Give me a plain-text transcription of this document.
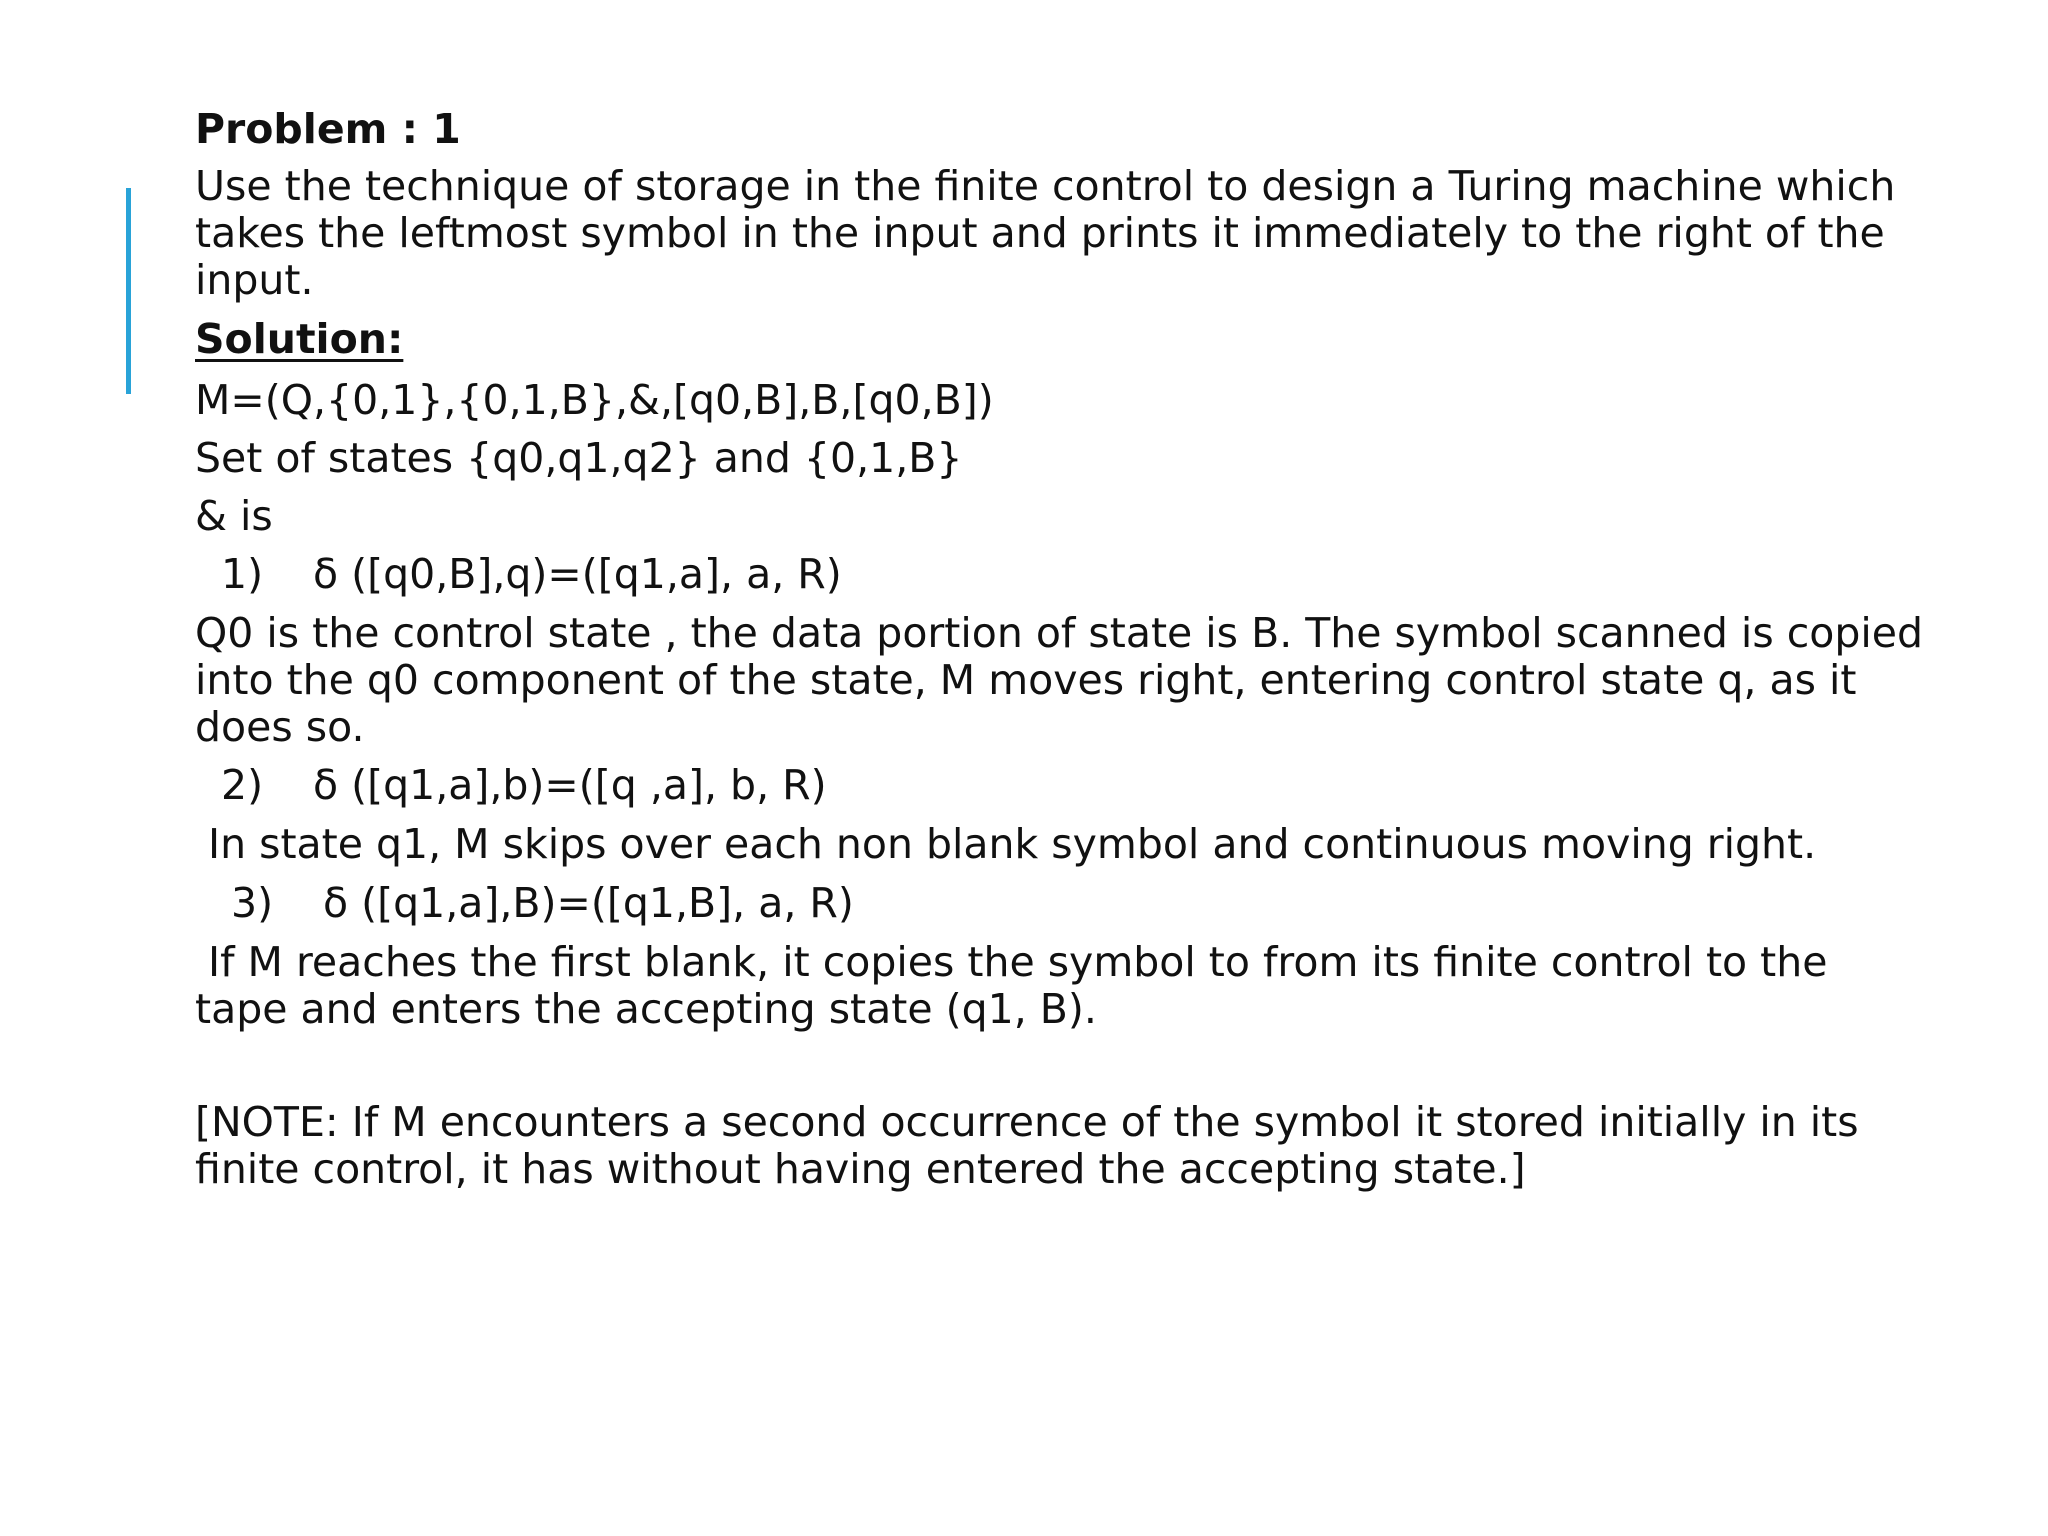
Problem : 1

Use the technique of storage in the finite control to design a Turing machine which

takes the leftmost symbol in the input and prints it immediately to the right of the

input.

Solution:

M=(Q,{0,1},{0,1,B},&,[q0,B],B,[q0,B])

Set of states {q0,q1,q2} and {0,1,B}

& is

1)	δ ([q0,B],q)=([q1,a], a, R)

Q0 is the control state , the data portion of state is B. The symbol scanned is copied

into the q0 component of the state, M moves right, entering control state q, as it

does so.

2)	δ ([q1,a],b)=([q ,a], b, R)

In state q1, M skips over each non blank symbol and continuous moving right.

3)	δ ([q1,a],B)=([q1,B], a, R)

If M reaches the first blank, it copies the symbol to from its finite control to the

tape and enters the accepting state (q1, B).

[NOTE: If M encounters a second occurrence of the symbol it stored initially in its

finite control, it has without having entered the accepting state.]
